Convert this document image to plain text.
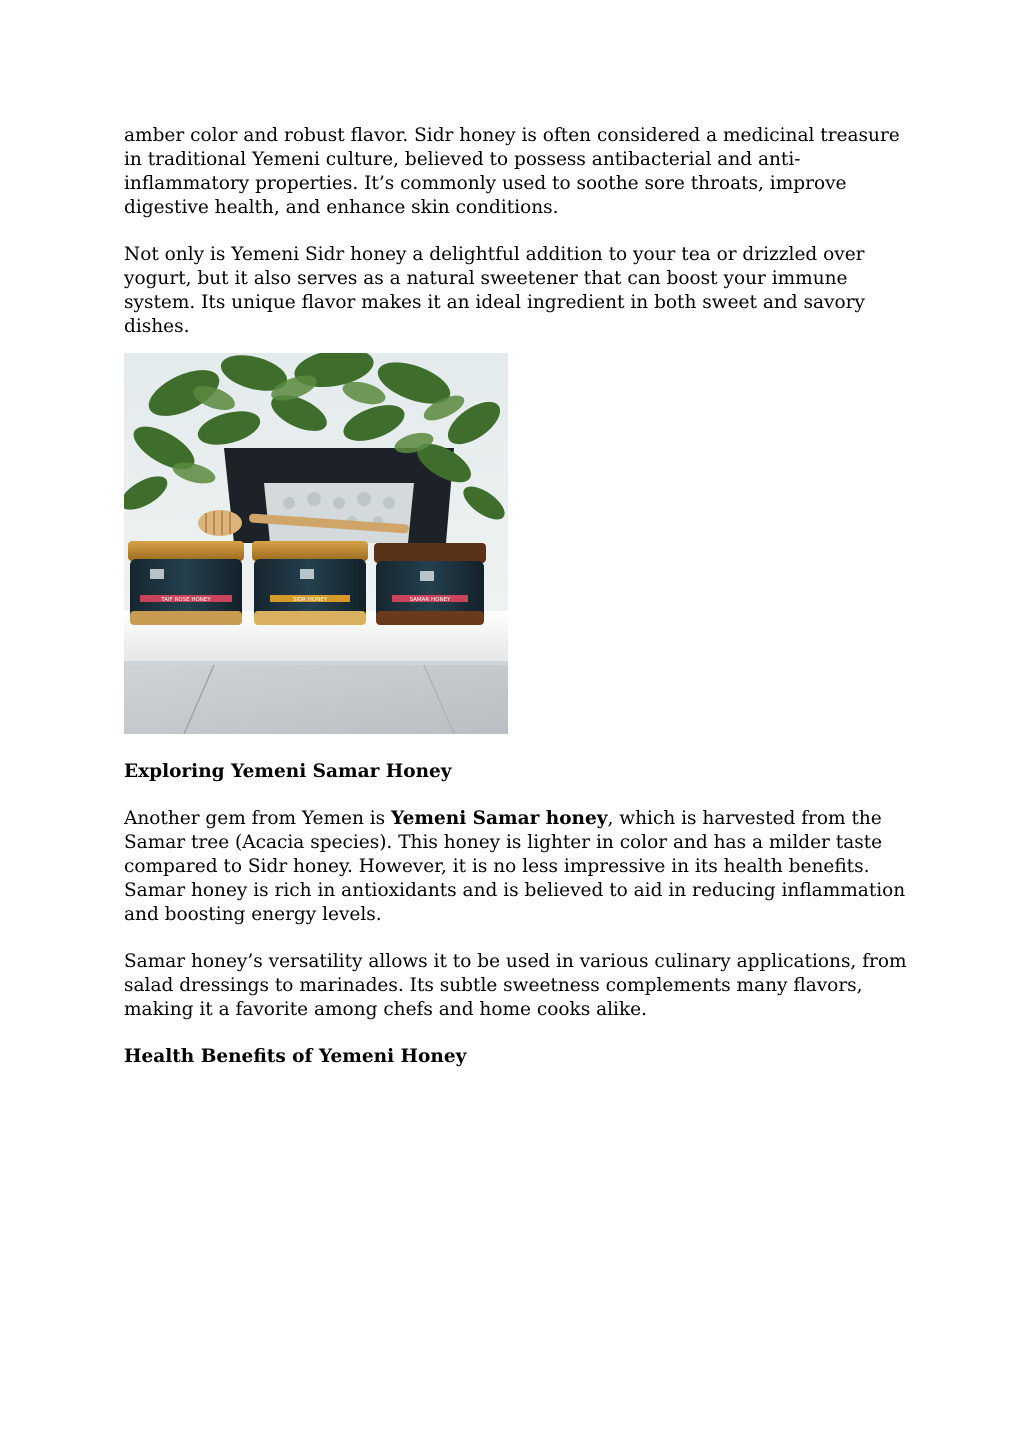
amber color and robust flavor. Sidr honey is often considered a medicinal treasure in traditional Yemeni culture, believed to possess antibacterial and anti-inflammatory properties. It’s commonly used to soothe sore throats, improve digestive health, and enhance skin conditions.

Not only is Yemeni Sidr honey a delightful addition to your tea or drizzled over yogurt, but it also serves as a natural sweetener that can boost your immune system. Its unique flavor makes it an ideal ingredient in both sweet and savory dishes.

TAIF ROSE HONEY	SIDR HONEY	SAMAR HONEY
Exploring Yemeni Samar Honey

Another gem from Yemen is Yemeni Samar honey, which is harvested from the Samar tree (Acacia species). This honey is lighter in color and has a milder taste compared to Sidr honey. However, it is no less impressive in its health benefits. Samar honey is rich in antioxidants and is believed to aid in reducing inflammation and boosting energy levels.

Samar honey’s versatility allows it to be used in various culinary applications, from salad dressings to marinades. Its subtle sweetness complements many flavors, making it a favorite among chefs and home cooks alike.

Health Benefits of Yemeni Honey
